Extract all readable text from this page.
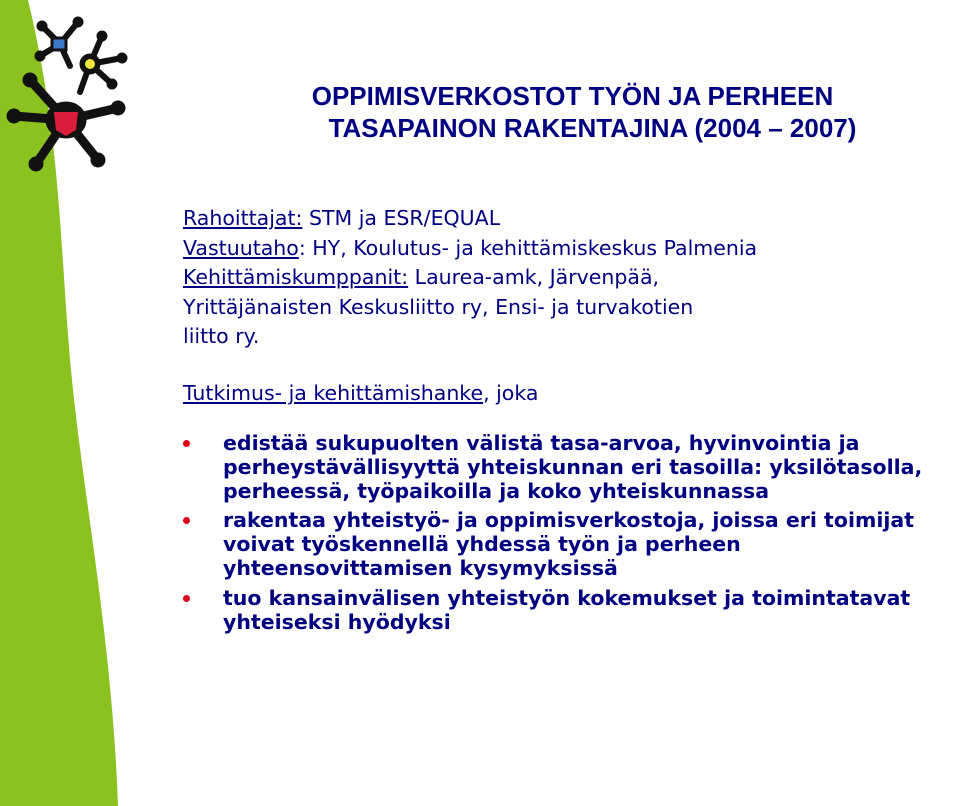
OPPIMISVERKOSTOT TYÖN JA PERHEEN
TASAPAINON RAKENTAJINA (2004 – 2007)
Rahoittajat: STM ja ESR/EQUAL
Vastuutaho: HY, Koulutus- ja kehittämiskeskus Palmenia
Kehittämiskumppanit: Laurea-amk, Järvenpää,
Yrittäjänaisten Keskusliitto ry, Ensi- ja turvakotien
liitto ry.
Tutkimus- ja kehittämishanke, joka
edistää sukupuolten välistä tasa-arvoa, hyvinvointia ja perheystävällisyyttä yhteiskunnan eri tasoilla: yksilötasolla, perheessä, työpaikoilla ja koko yhteiskunnassa
rakentaa yhteistyö- ja oppimisverkostoja, joissa eri toimijat voivat työskennellä yhdessä työn ja perheen yhteensovittamisen kysymyksissä
tuo kansainvälisen yhteistyön kokemukset ja toimintatavat yhteiseksi hyödyksi
